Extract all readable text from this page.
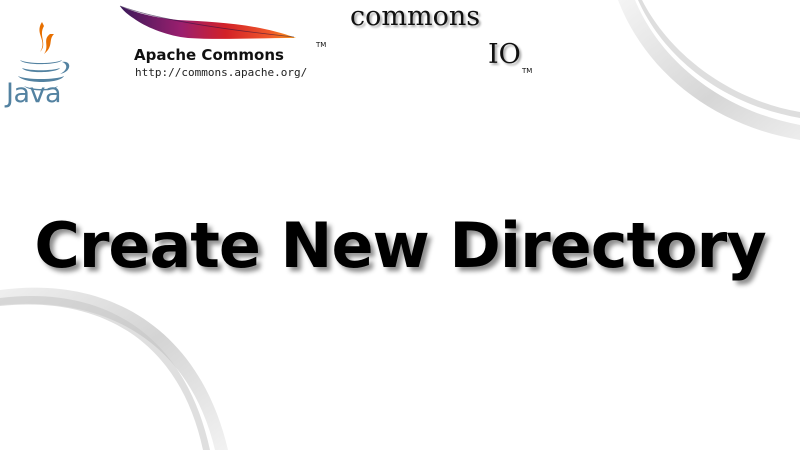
Java
Apache Commons
TM
http://commons.apache.org/
commons
IO
TM
Create New Directory
